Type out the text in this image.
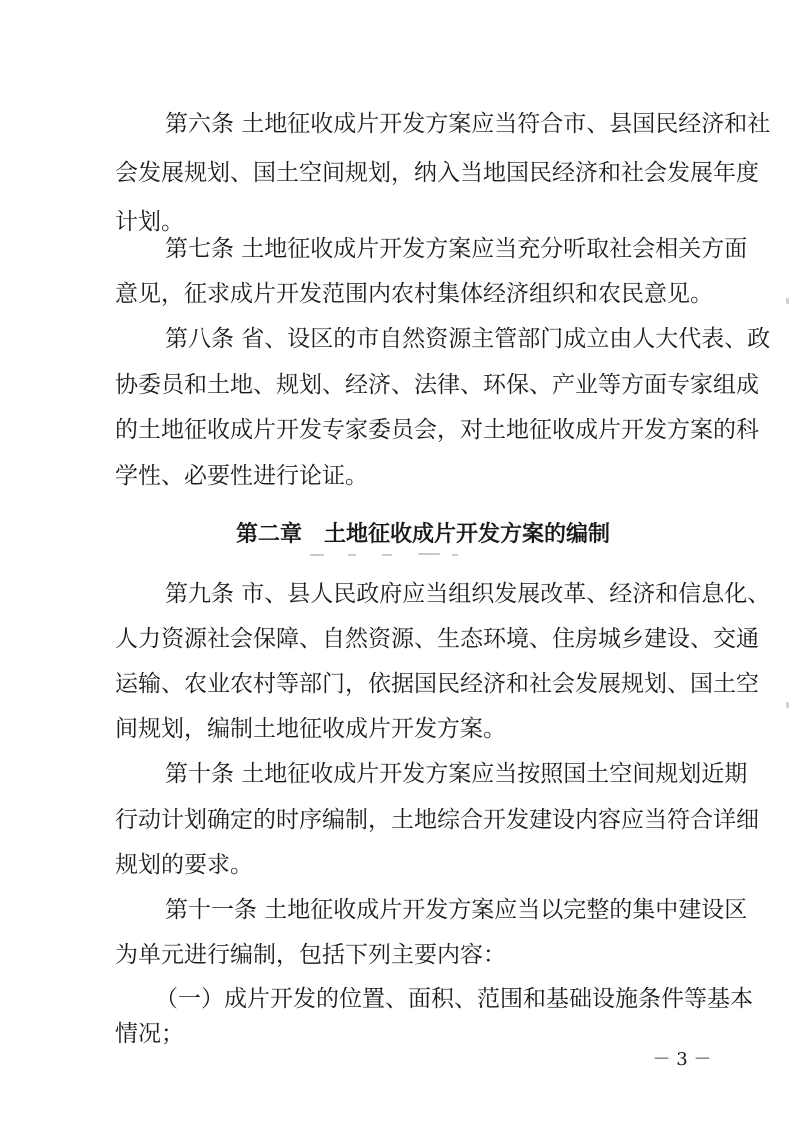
第六条 土地征收成片开发方案应当符合市、县国民经济和社
会发展规划、国土空间规划，纳入当地国民经济和社会发展年度
计划。
第七条 土地征收成片开发方案应当充分听取社会相关方面
意见，征求成片开发范围内农村集体经济组织和农民意见。
第八条 省、设区的市自然资源主管部门成立由人大代表、政
协委员和土地、规划、经济、法律、环保、产业等方面专家组成
的土地征收成片开发专家委员会，对土地征收成片开发方案的科
学性、必要性进行论证。
第二章　土地征收成片开发方案的编制
第九条 市、县人民政府应当组织发展改革、经济和信息化、
人力资源社会保障、自然资源、生态环境、住房城乡建设、交通
运输、农业农村等部门，依据国民经济和社会发展规划、国土空
间规划，编制土地征收成片开发方案。
第十条 土地征收成片开发方案应当按照国土空间规划近期
行动计划确定的时序编制，土地综合开发建设内容应当符合详细
规划的要求。
第十一条 土地征收成片开发方案应当以完整的集中建设区
为单元进行编制，包括下列主要内容：
（一）成片开发的位置、面积、范围和基础设施条件等基本
情况；
－ 3 －
